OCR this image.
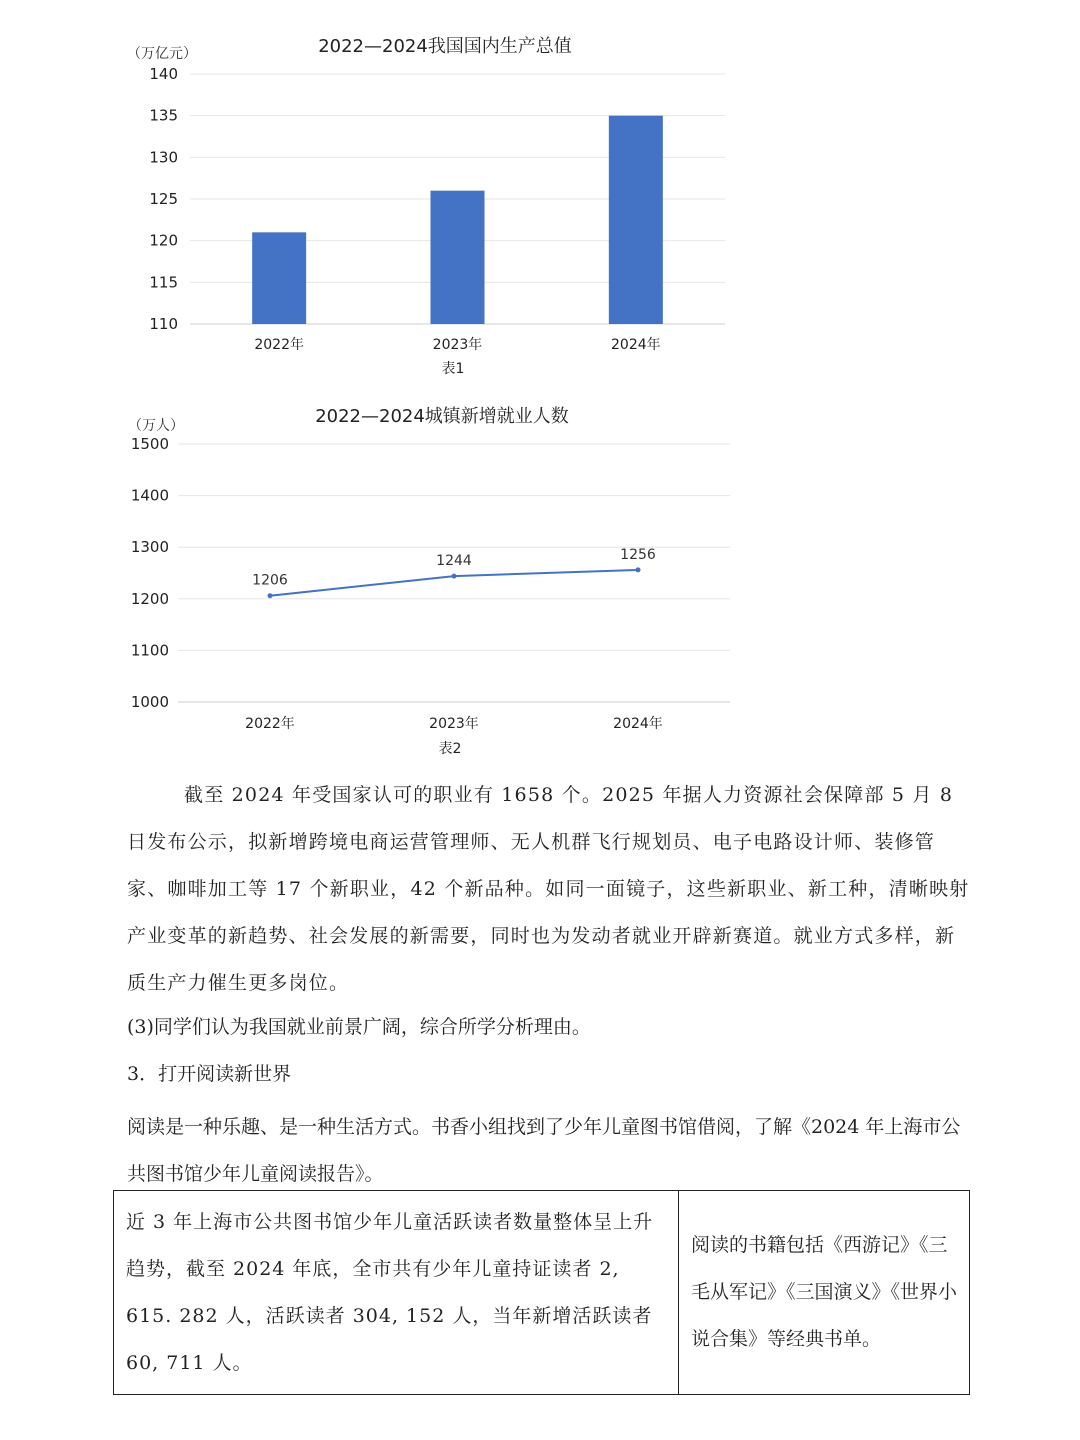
2022—2024我国国内生产总值
（万亿元）
140
135
130
125
120
115
110
2022年	2023年	2024年
表1
2022—2024城镇新增就业人数
（万人）
1500
1400
1300
1200
1100
1000
1206
1244	1256
2022年	2023年	2024年
表2

截至 2024 年受国家认可的职业有 1658 个。2025 年据人力资源社会保障部 5 月 8 日发布公示，拟新增跨境电商运营管理师、无人机群飞行规划员、电子电路设计师、装修管家、咖啡加工等 17 个新职业，42 个新品种。如同一面镜子，这些新职业、新工种，清晰映射产业变革的新趋势、社会发展的新需要，同时也为发动者就业开辟新赛道。就业方式多样，新质生产力催生更多岗位。

(3)同学们认为我国就业前景广阔，综合所学分析理由。

3．打开阅读新世界

阅读是一种乐趣、是一种生活方式。书香小组找到了少年儿童图书馆借阅，了解《2024 年上海市公共图书馆少年儿童阅读报告》。

近 3 年上海市公共图书馆少年儿童活跃读者数量整体呈上升趋势，截至 2024 年底，全市共有少年儿童持证读者 2, 615. 282 人，活跃读者 304, 152 人，当年新增活跃读者 60, 711 人。	阅读的书籍包括《西游记》《三毛从军记》《三国演义》《世界小说合集》等经典书单。
